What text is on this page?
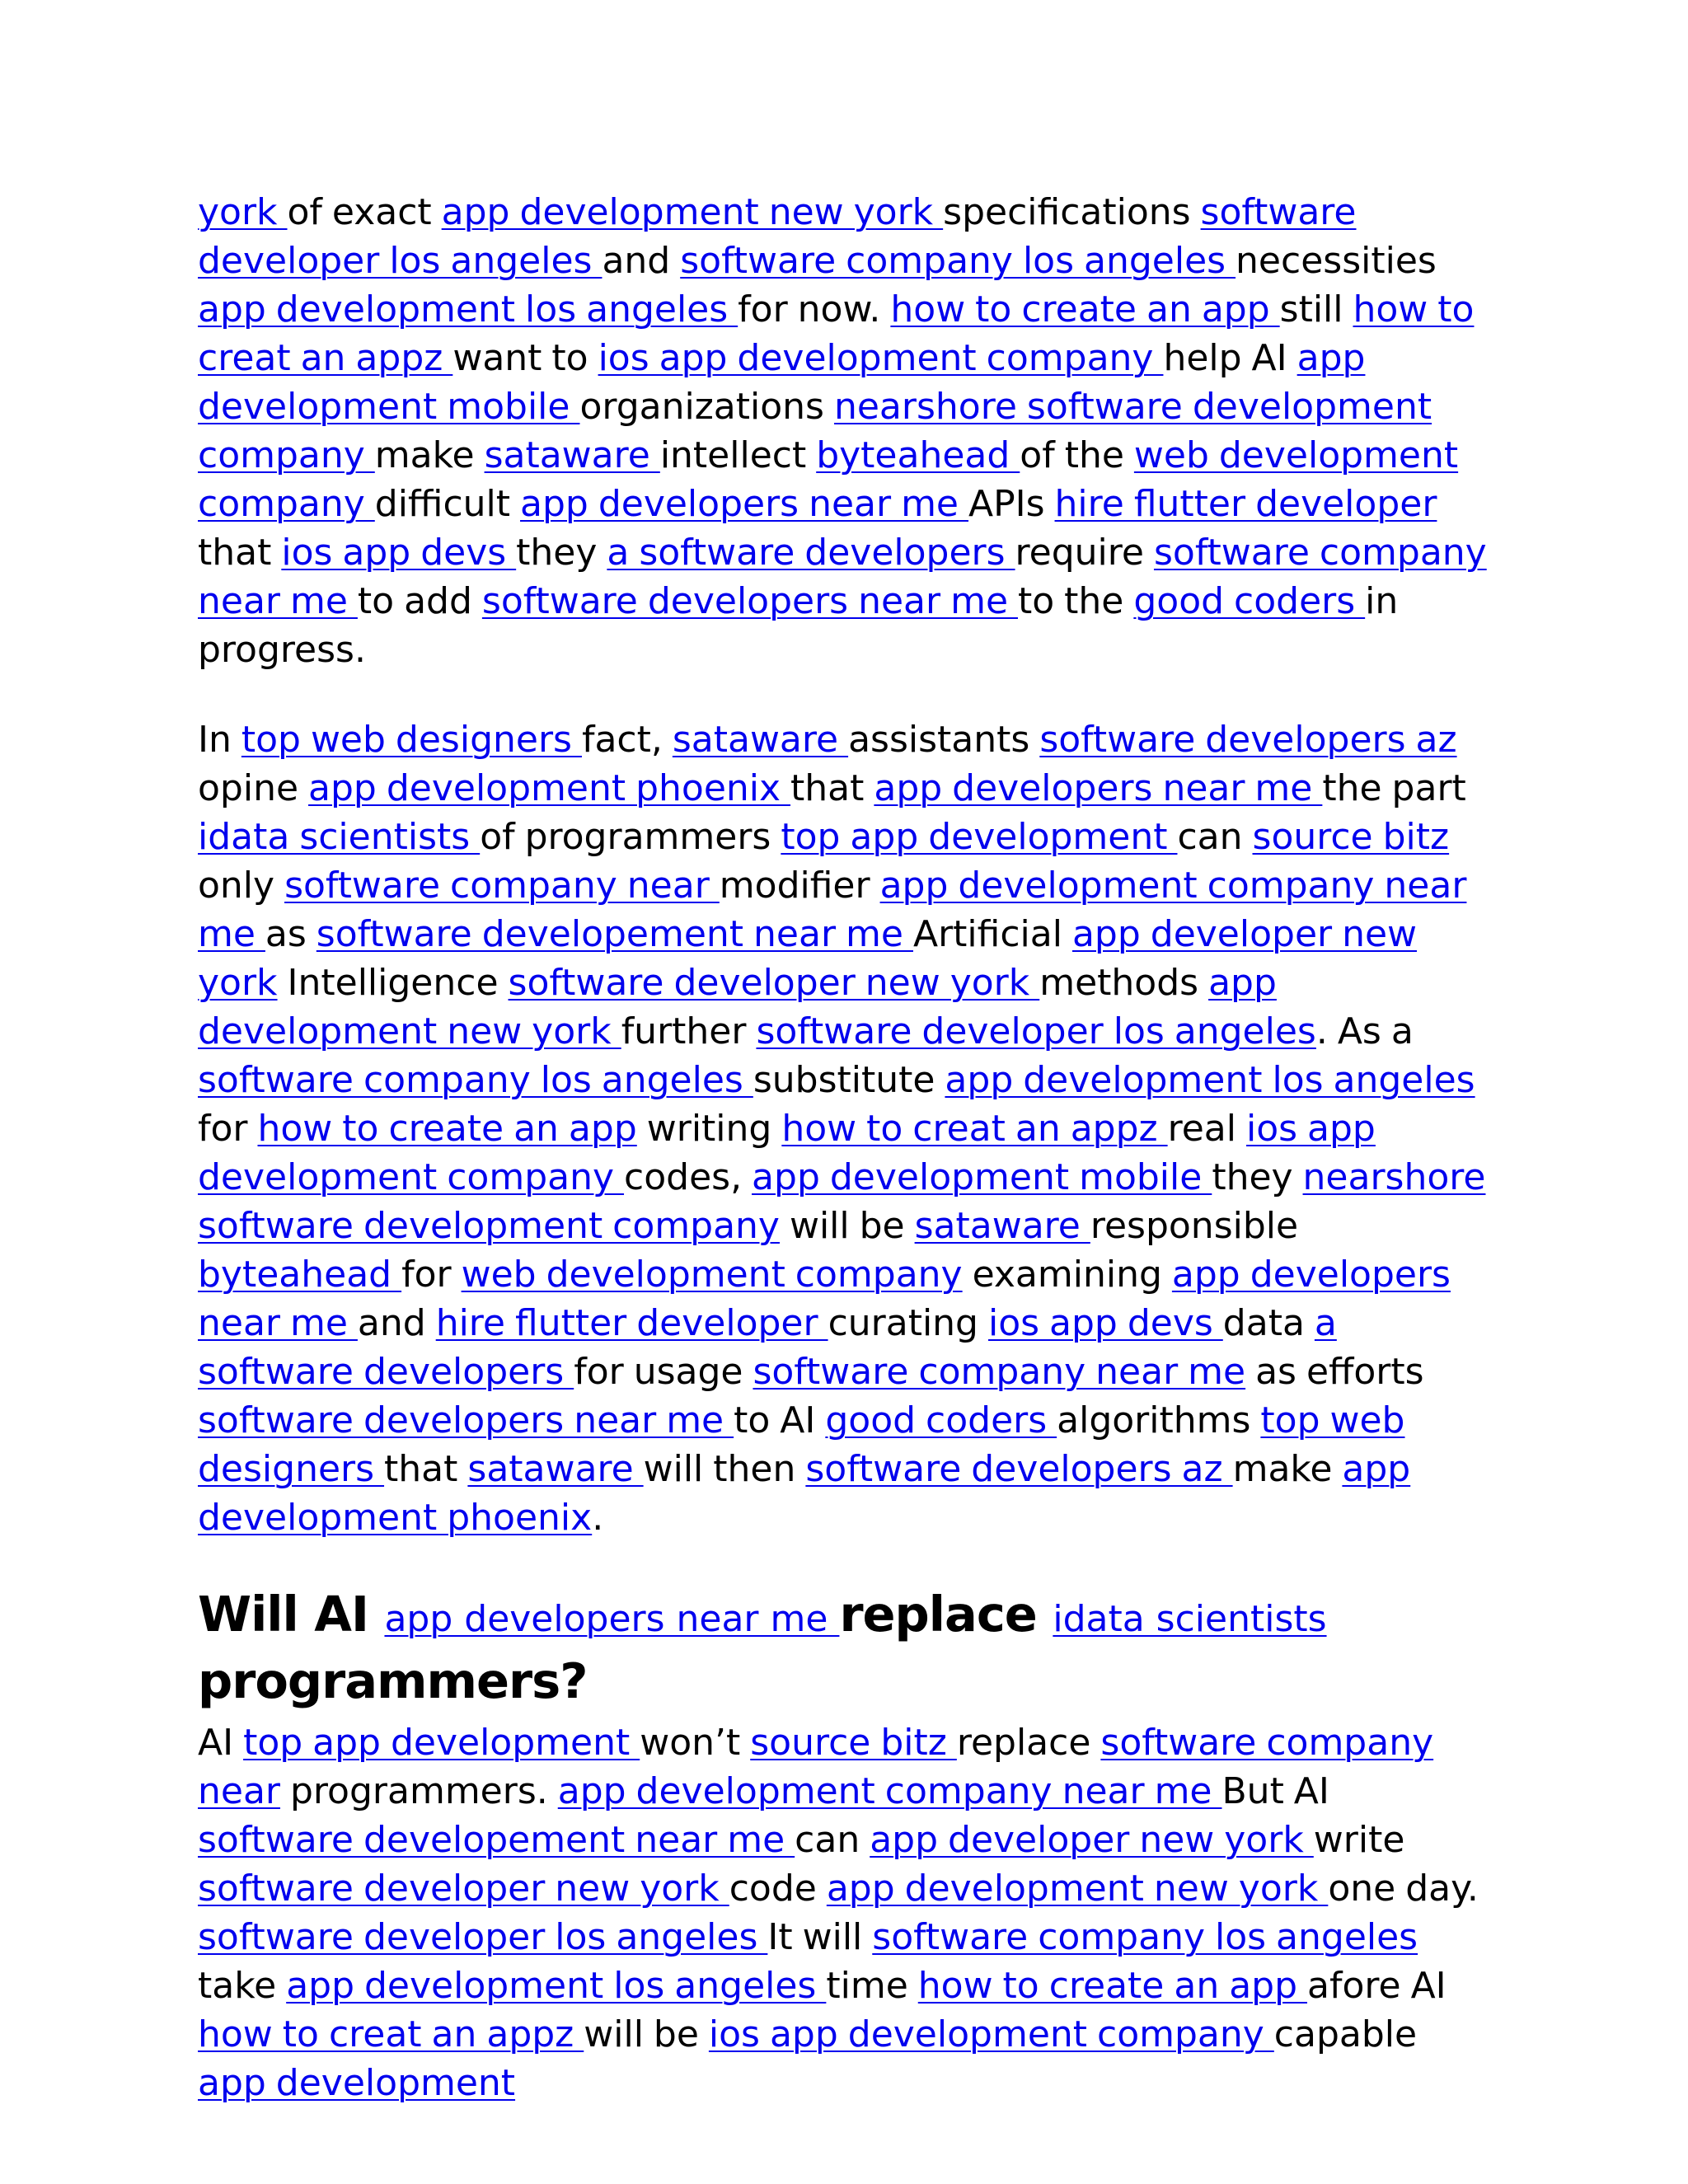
york of exact app development new york specifications software developer los angeles and software company los angeles necessities app development los angeles for now. how to create an app still how to creat an appz want to ios app development company help AI app development mobile organizations nearshore software development company make sataware intellect byteahead of the web development company difficult app developers near me APIs hire flutter developer that ios app devs they a software developers require software company near me to add software developers near me to the good coders in progress.

In top web designers fact, sataware assistants software developers az opine app development phoenix that app developers near me the part idata scientists of programmers top app development can source bitz only software company near modifier app development company near me as software developement near me Artificial app developer new york Intelligence software developer new york methods app development new york further software developer los angeles. As a software company los angeles substitute app development los angeles for how to create an app writing how to creat an appz real ios app development company codes, app development mobile they nearshore software development company will be sataware responsible byteahead for web development company examining app developers near me and hire flutter developer curating ios app devs data a software developers for usage software company near me as efforts software developers near me to AI good coders algorithms top web designers that sataware will then software developers az make app development phoenix.

Will AI app developers near me replace idata scientists programmers?

AI top app development won’t source bitz replace software company near programmers. app development company near me But AI software developement near me can app developer new york write software developer new york code app development new york one day. software developer los angeles It will software company los angeles take app development los angeles time how to create an app afore AI how to creat an appz will be ios app development company capable app development
